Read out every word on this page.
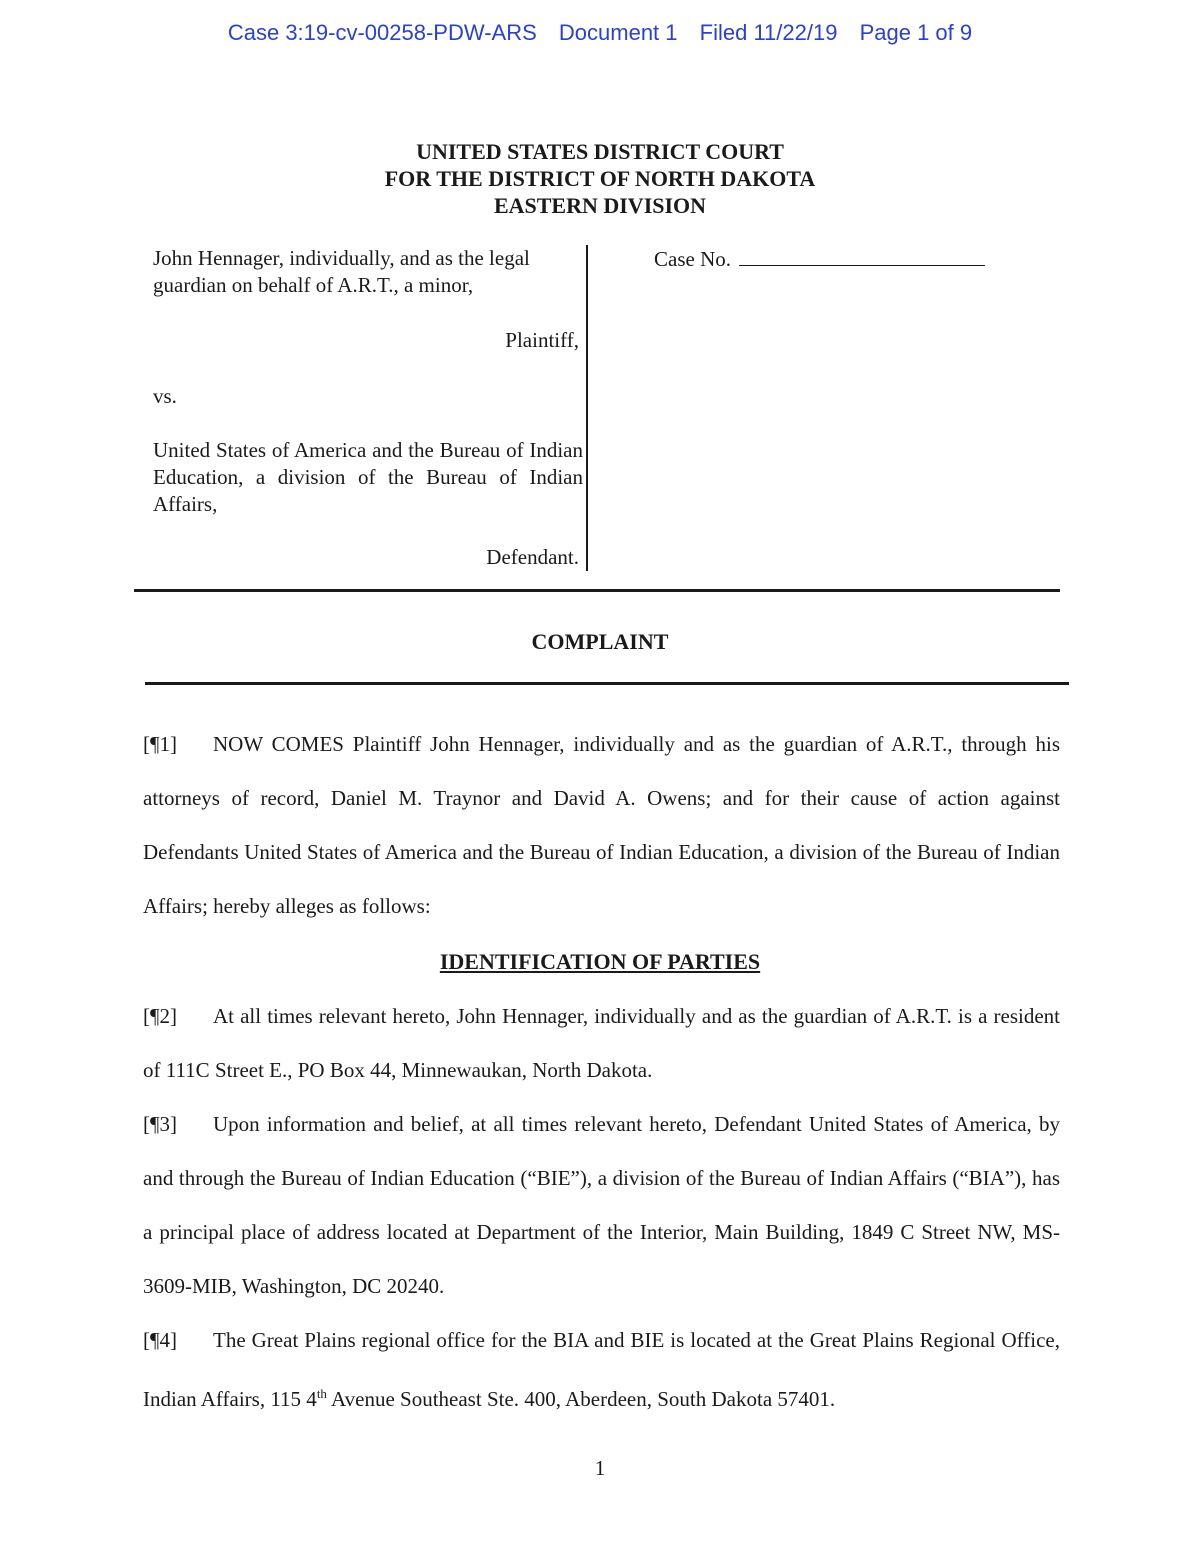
Case 3:19-cv-00258-PDW-ARS Document 1 Filed 11/22/19 Page 1 of 9
UNITED STATES DISTRICT COURT
FOR THE DISTRICT OF NORTH DAKOTA
EASTERN DIVISION
John Hennager, individually, and as the legal guardian on behalf of A.R.T., a minor,
Plaintiff,
vs.
United States of America and the Bureau of Indian Education, a division of the Bureau of Indian Affairs,
Defendant.
Case No.
COMPLAINT
[¶1] NOW COMES Plaintiff John Hennager, individually and as the guardian of A.R.T., through his attorneys of record, Daniel M. Traynor and David A. Owens; and for their cause of action against Defendants United States of America and the Bureau of Indian Education, a division of the Bureau of Indian Affairs; hereby alleges as follows:
IDENTIFICATION OF PARTIES
[¶2] At all times relevant hereto, John Hennager, individually and as the guardian of A.R.T. is a resident of 111C Street E., PO Box 44, Minnewaukan, North Dakota.
[¶3] Upon information and belief, at all times relevant hereto, Defendant United States of America, by and through the Bureau of Indian Education (“BIE”), a division of the Bureau of Indian Affairs (“BIA”), has a principal place of address located at Department of the Interior, Main Building, 1849 C Street NW, MS-3609-MIB, Washington, DC 20240.
[¶4] The Great Plains regional office for the BIA and BIE is located at the Great Plains Regional Office, Indian Affairs, 115 4th Avenue Southeast Ste. 400, Aberdeen, South Dakota 57401.
1
